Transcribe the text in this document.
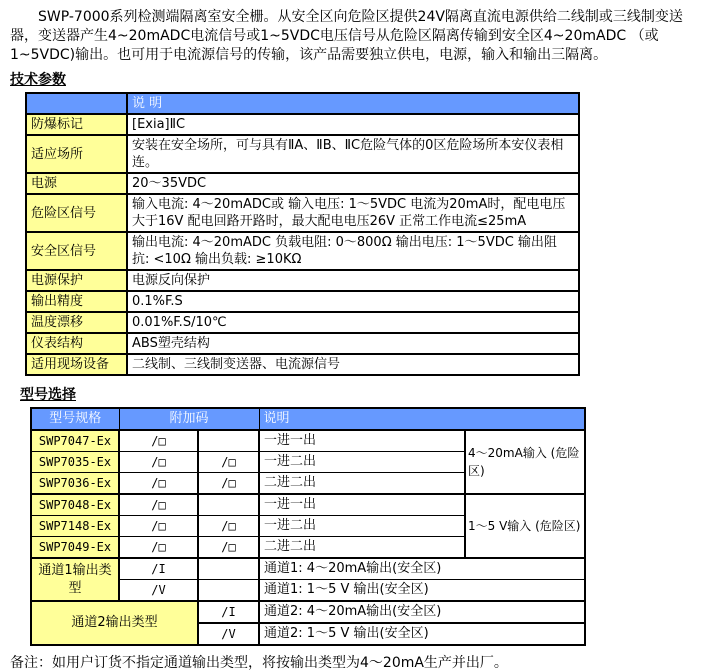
SWP-7000系列检测端隔离室安全栅。从安全区向危险区提供24V隔离直流电源供给二线制或三线制变送器，变送器产生4~20mADC电流信号或1~5VDC电压信号从危险区隔离传输到安全区4~20mADC （或1~5VDC)输出。也可用于电流源信号的传输，该产品需要独立供电，电源，输入和输出三隔离。

技术参数
	说 明
防爆标记	[Exia]ⅡC
适应场所	安装在安全场所，可与具有ⅡA、ⅡB、ⅡC危险气体的0区危险场所本安仪表相连。
电源	20～35VDC
危险区信号	输入电流: 4～20mADC或 输入电压: 1～5VDC 电流为20mA时，配电电压大于16V 配电回路开路时，最大配电电压26V 正常工作电流≤25mA
安全区信号	输出电流: 4～20mADC 负载电阻: 0～800Ω 输出电压: 1～5VDC 输出阻抗: <10Ω 输出负载: ≥10KΩ
电源保护	电源反向保护
输出精度	0.1%F.S
温度漂移	0.01%F.S/10℃
仪表结构	ABS塑壳结构
适用现场设备	二线制、三线制变送器、电流源信号
型号选择
型号规格	附加码		说明	
SWP7047-Ex	/□		一进一出	4～20mA输入 (危险区)
SWP7035-Ex	/□	/□	一进二出	
SWP7036-Ex	/□	/□	二进二出	
SWP7048-Ex	/□		一进一出	1～5 V输入 (危险区)
SWP7148-Ex	/□	/□	一进二出	
SWP7049-Ex	/□	/□	二进二出	
通道1输出类型	/I		通道1: 4～20mA输出(安全区)	
	/V		通道1: 1～5 V 输出(安全区)	
通道2输出类型		/I	通道2: 4～20mA输出(安全区)	
		/V	通道2: 1～5 V 输出(安全区)	

备注：如用户订货不指定通道输出类型，将按输出类型为4～20mA生产并出厂。
